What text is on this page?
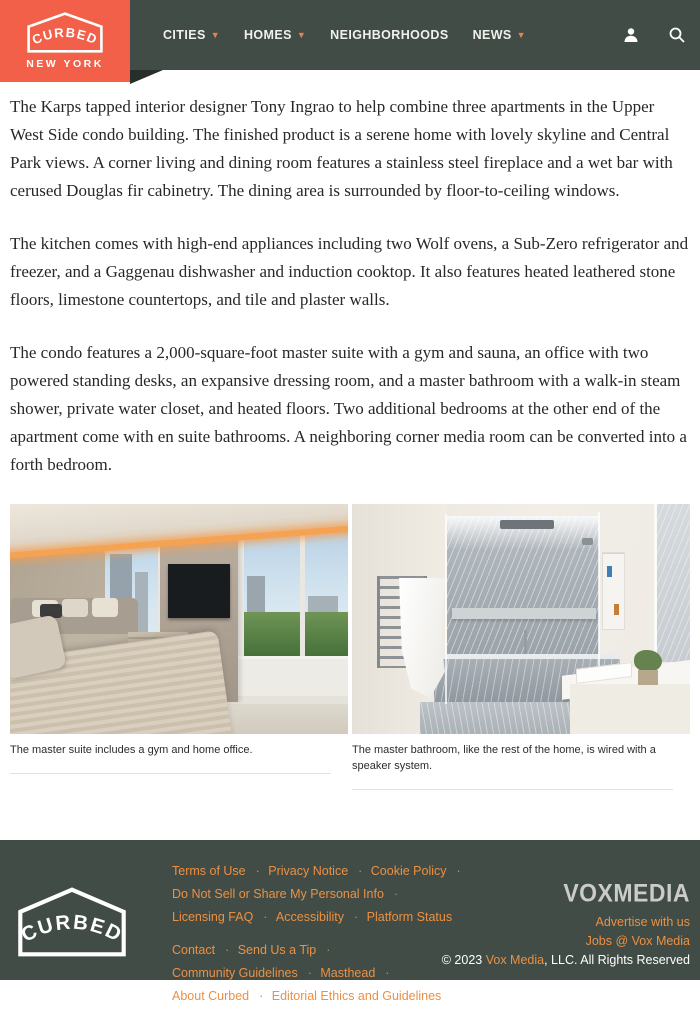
CURBED
NEW YORK
CITIES ▼ HOMES ▼ NEIGHBORHOODS NEWS ▼

The Karps tapped interior designer Tony Ingrao to help combine three apartments in the Upper West Side condo building. The finished product is a serene home with lovely skyline and Central Park views. A corner living and dining room features a stainless steel fireplace and a wet bar with cerused Douglas fir cabinetry. The dining area is surrounded by floor-to-ceiling windows.

The kitchen comes with high-end appliances including two Wolf ovens, a Sub-Zero refrigerator and freezer, and a Gaggenau dishwasher and induction cooktop. It also features heated leathered stone floors, limestone countertops, and tile and plaster walls.

The condo features a 2,000-square-foot master suite with a gym and sauna, an office with two powered standing desks, an expansive dressing room, and a master bathroom with a walk-in steam shower, private water closet, and heated floors. Two additional bedrooms at the other end of the apartment come with en suite bathrooms. A neighboring corner media room can be converted into a forth bedroom.

The master suite includes a gym and home office.	The master bathroom, like the rest of the home, is wired with a speaker system.
CURBED
Terms of Use · Privacy Notice · Cookie Policy · Do Not Sell or Share My Personal Info · Licensing FAQ · Accessibility · Platform Status
Contact · Send Us a Tip · Community Guidelines · Masthead · About Curbed · Editorial Ethics and Guidelines
VOXMEDIA
Advertise with us
Jobs @ Vox Media
© 2023 Vox Media, LLC. All Rights Reserved
